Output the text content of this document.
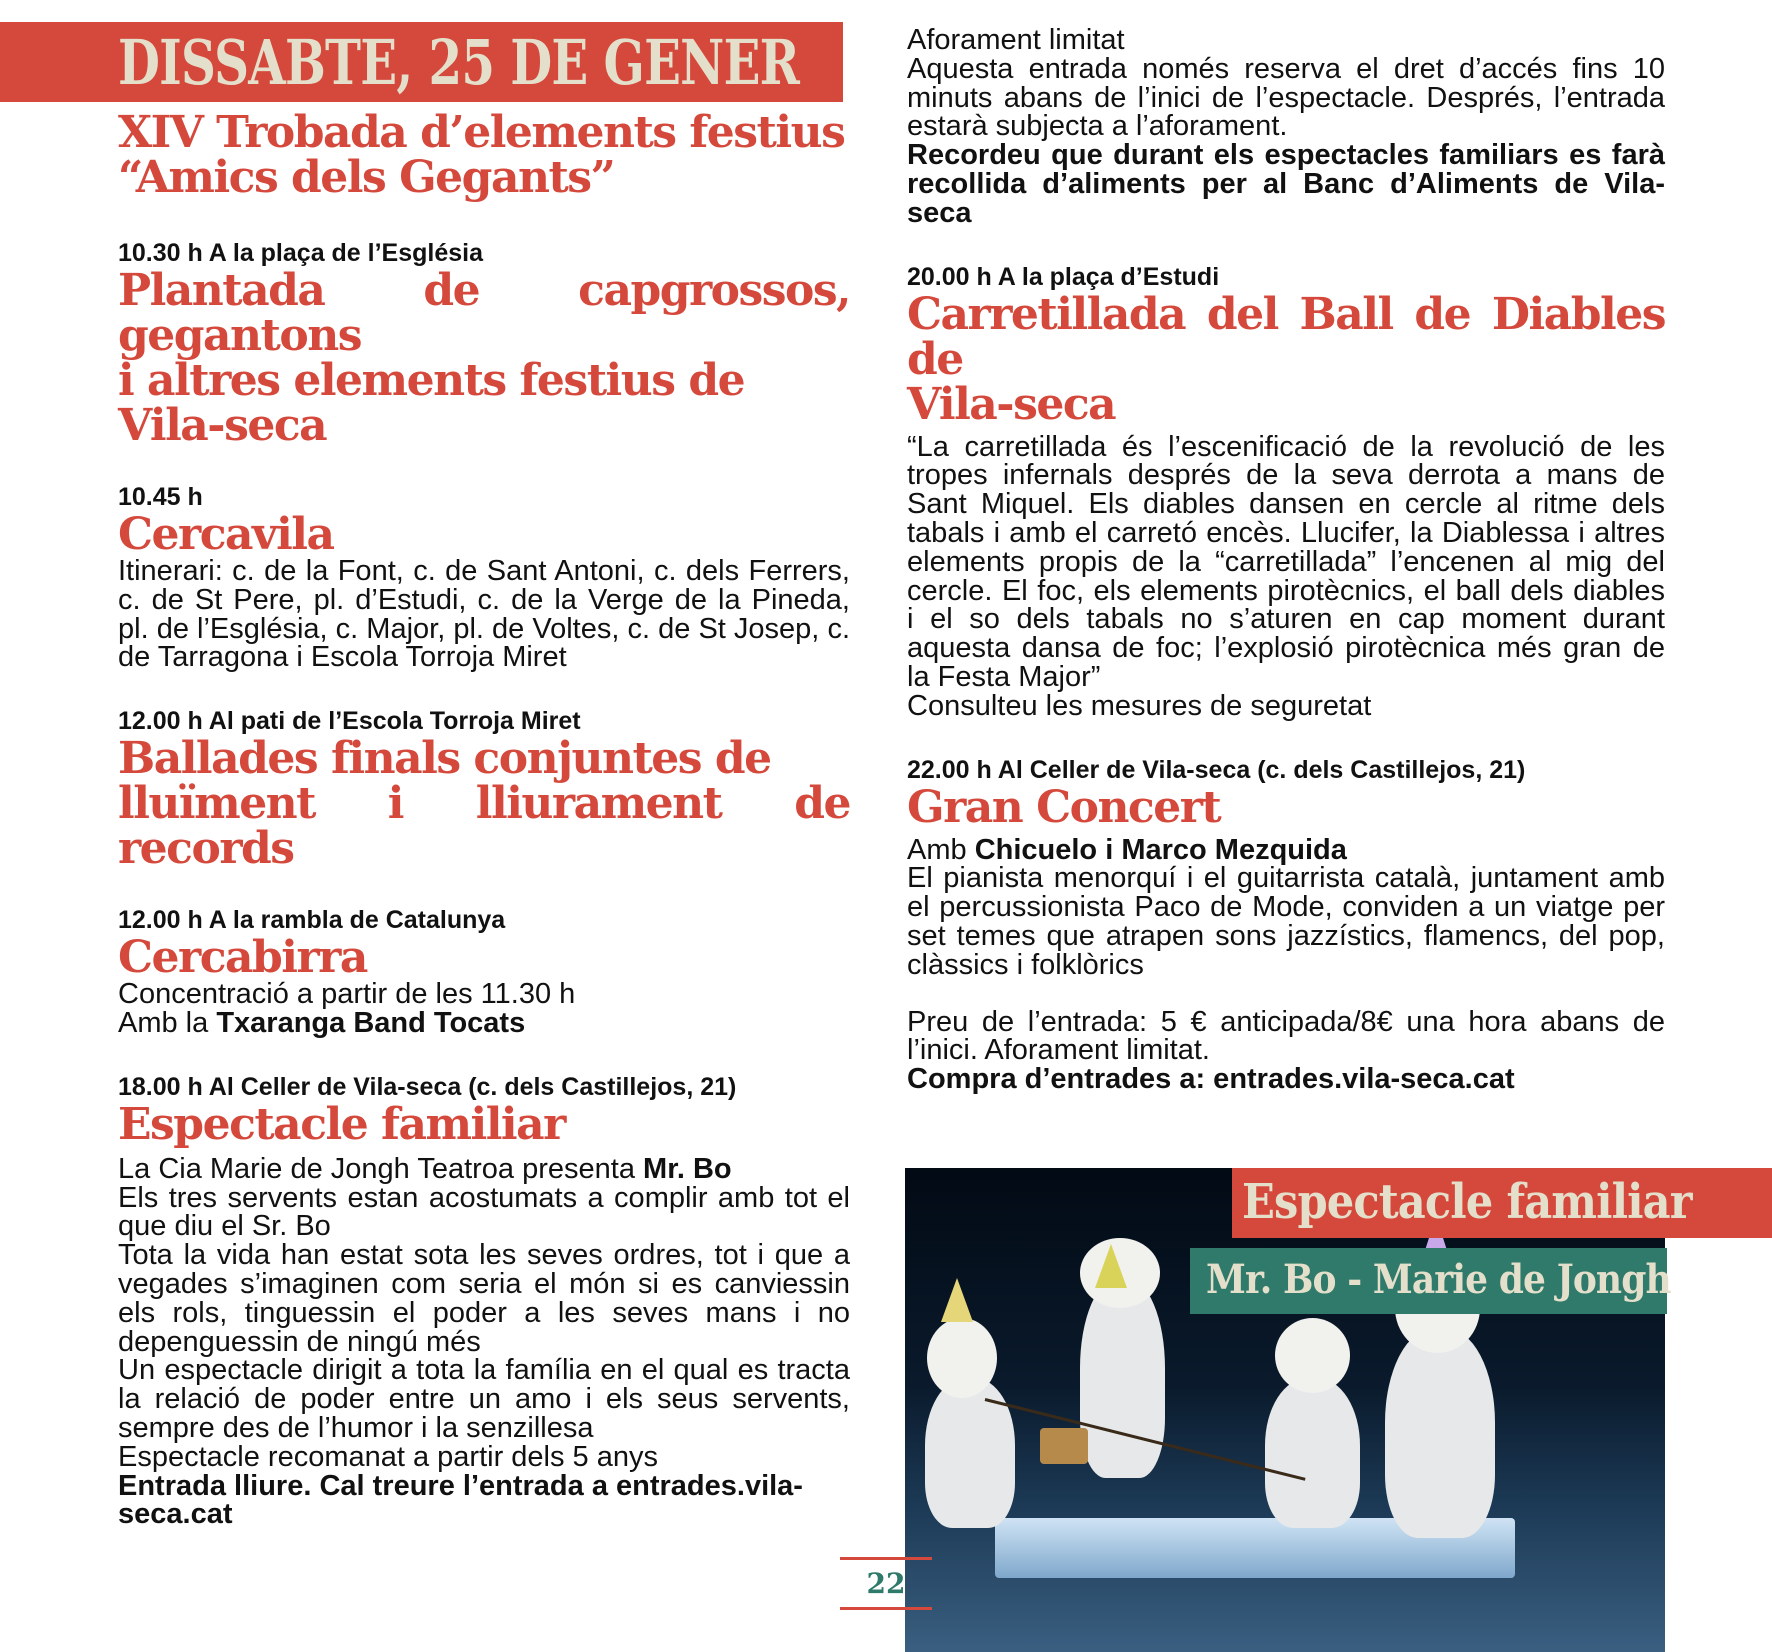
DISSABTE, 25 DE GENER
XIV Trobada d’elements festius
“Amics dels Gegants”

10.30 h A la plaça de l’Església

Plantada de capgrossos, gegantons
i altres elements festius de
Vila-seca

10.45 h

Cercavila

Itinerari: c. de la Font, c. de Sant Antoni, c. dels Ferrers, c. de St Pere, pl. d’Estudi, c. de la Verge de la Pineda, pl. de l’Església, c. Major, pl. de Voltes, c. de St Josep, c. de Tarragona i Escola Torroja Miret

12.00 h Al pati de l’Escola Torroja Miret

Ballades finals conjuntes de
lluïment i lliurament de records

12.00 h A la rambla de Catalunya

Cercabirra

Concentració a partir de les 11.30 h

Amb la Txaranga Band Tocats

18.00 h Al Celler de Vila-seca (c. dels Castillejos, 21)

Espectacle familiar

La Cia Marie de Jongh Teatroa presenta Mr. Bo

Els tres servents estan acostumats a complir amb tot el que diu el Sr. Bo

Tota la vida han estat sota les seves ordres, tot i que a vegades s’imaginen com seria el món si es canviessin els rols, tinguessin el poder a les seves mans i no depenguessin de ningú més

Un espectacle dirigit a tota la família en el qual es tracta la relació de poder entre un amo i els seus servents, sempre des de l’humor i la senzillesa

Espectacle recomanat a partir dels 5 anys

Entrada lliure. Cal treure l’entrada a entrades.vila-seca.cat

Aforament limitat

Aquesta entrada només reserva el dret d’accés fins 10 minuts abans de l’inici de l’espectacle. Després, l’entrada estarà subjecta a l’aforament.

Recordeu que durant els espectacles familiars es farà recollida d’aliments per al Banc d’Aliments de Vila-seca

20.00 h A la plaça d’Estudi

Carretillada del Ball de Diables de
Vila-seca

“La carretillada és l’escenificació de la revolució de les tropes infernals després de la seva derrota a mans de Sant Miquel. Els diables dansen en cercle al ritme dels tabals i amb el carretó encès. Llucifer, la Diablessa i altres elements propis de la “carretillada” l’encenen al mig del cercle. El foc, els elements pirotècnics, el ball dels diables i el so dels tabals no s’aturen en cap moment durant aquesta dansa de foc; l’explosió pirotècnica més gran de la Festa Major”

Consulteu les mesures de seguretat

22.00 h Al Celler de Vila-seca (c. dels Castillejos, 21)

Gran Concert

Amb Chicuelo i Marco Mezquida

El pianista menorquí i el guitarrista català, juntament amb el percussionista Paco de Mode, conviden a un viatge per set temes que atrapen sons jazzístics, flamencs, del pop, clàssics i folklòrics

Preu de l’entrada: 5 € anticipada/8€ una hora abans de l’inici. Aforament limitat.

Compra d’entrades a: entrades.vila-seca.cat

Espectacle familiar
Mr. Bo - Marie de Jongh
22
